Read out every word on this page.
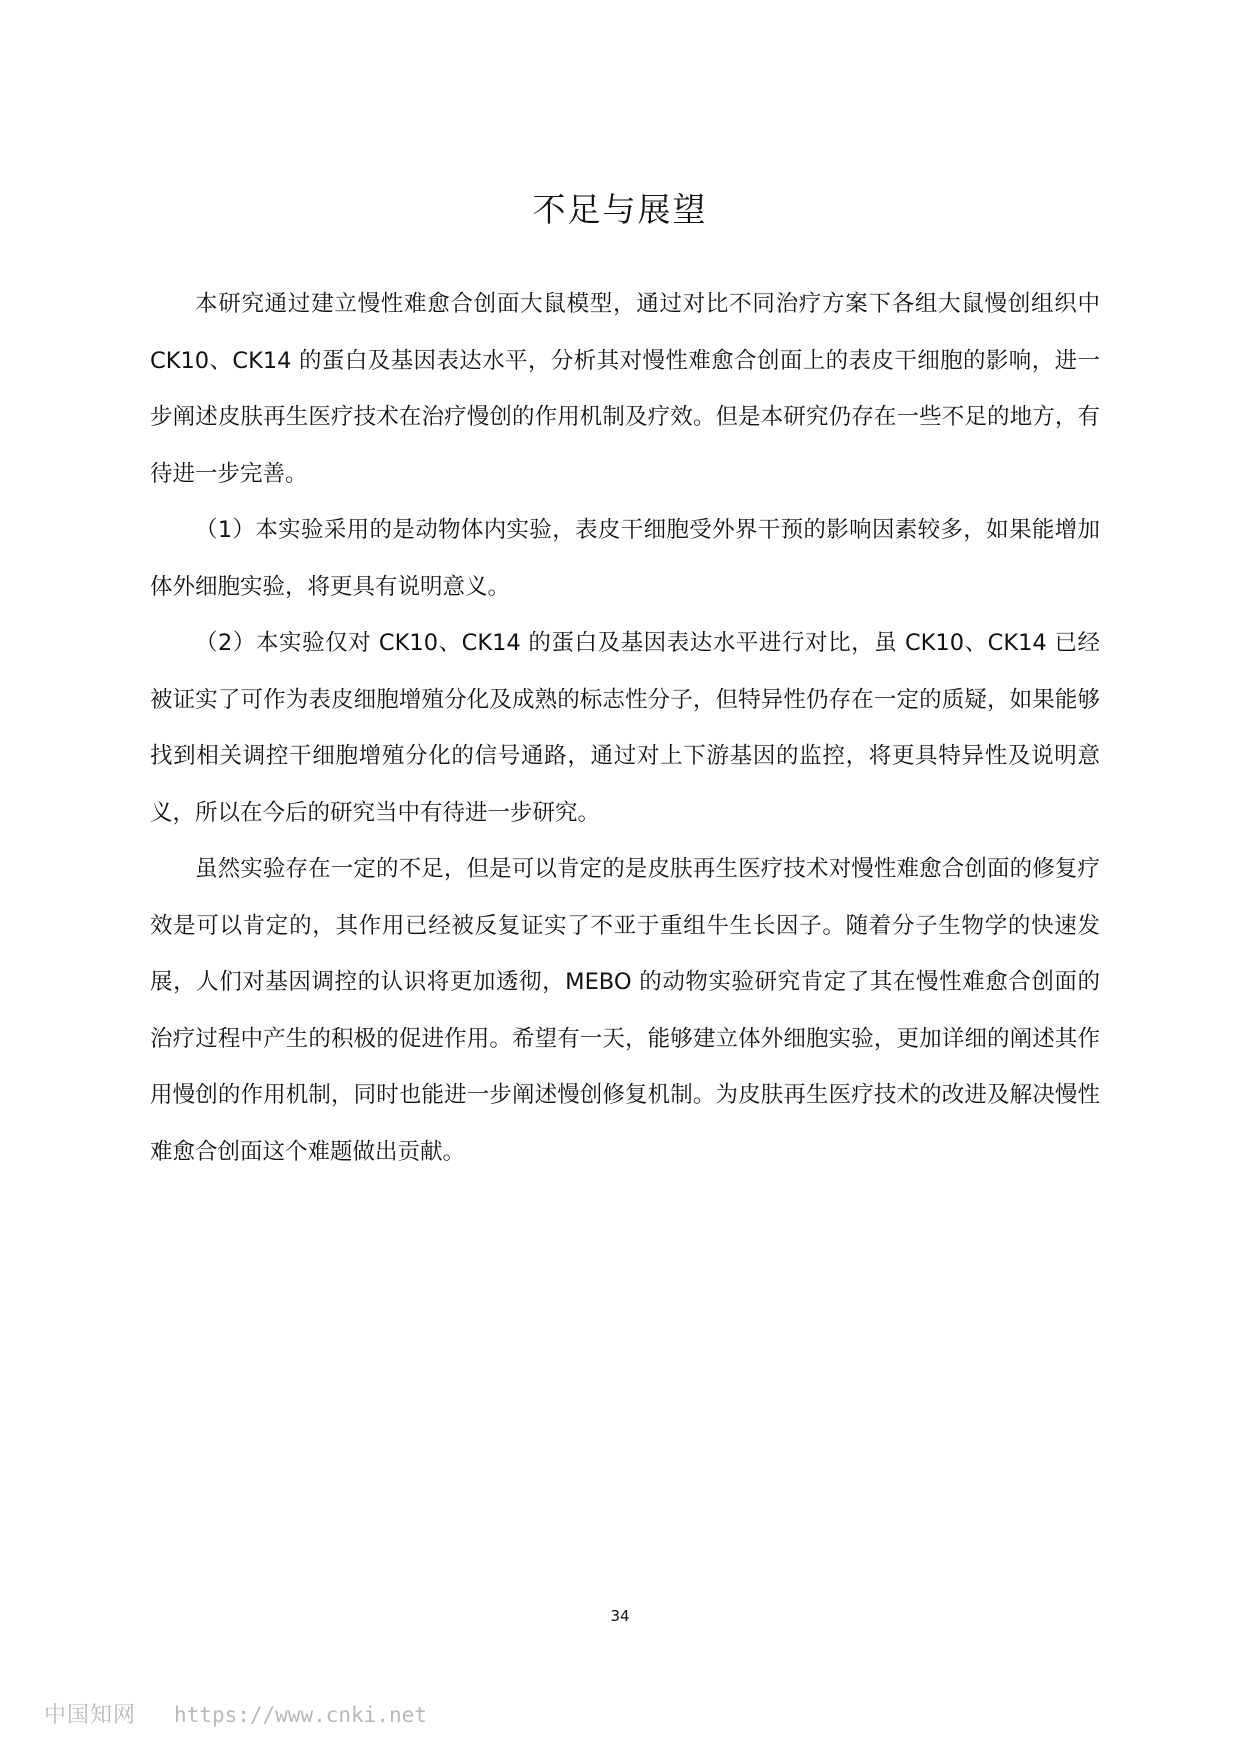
不足与展望

本研究通过建立慢性难愈合创面大鼠模型，通过对比不同治疗方案下各组大鼠慢创组织中 CK10、CK14 的蛋白及基因表达水平，分析其对慢性难愈合创面上的表皮干细胞的影响，进一步阐述皮肤再生医疗技术在治疗慢创的作用机制及疗效。但是本研究仍存在一些不足的地方，有待进一步完善。

（1）本实验采用的是动物体内实验，表皮干细胞受外界干预的影响因素较多，如果能增加体外细胞实验，将更具有说明意义。

（2）本实验仅对 CK10、CK14 的蛋白及基因表达水平进行对比，虽 CK10、CK14 已经被证实了可作为表皮细胞增殖分化及成熟的标志性分子，但特异性仍存在一定的质疑，如果能够找到相关调控干细胞增殖分化的信号通路，通过对上下游基因的监控，将更具特异性及说明意义，所以在今后的研究当中有待进一步研究。

虽然实验存在一定的不足，但是可以肯定的是皮肤再生医疗技术对慢性难愈合创面的修复疗效是可以肯定的，其作用已经被反复证实了不亚于重组牛生长因子。随着分子生物学的快速发展，人们对基因调控的认识将更加透彻，MEBO 的动物实验研究肯定了其在慢性难愈合创面的治疗过程中产生的积极的促进作用。希望有一天，能够建立体外细胞实验，更加详细的阐述其作用慢创的作用机制，同时也能进一步阐述慢创修复机制。为皮肤再生医疗技术的改进及解决慢性难愈合创面这个难题做出贡献。

34

中国知网 https://www.cnki.net
